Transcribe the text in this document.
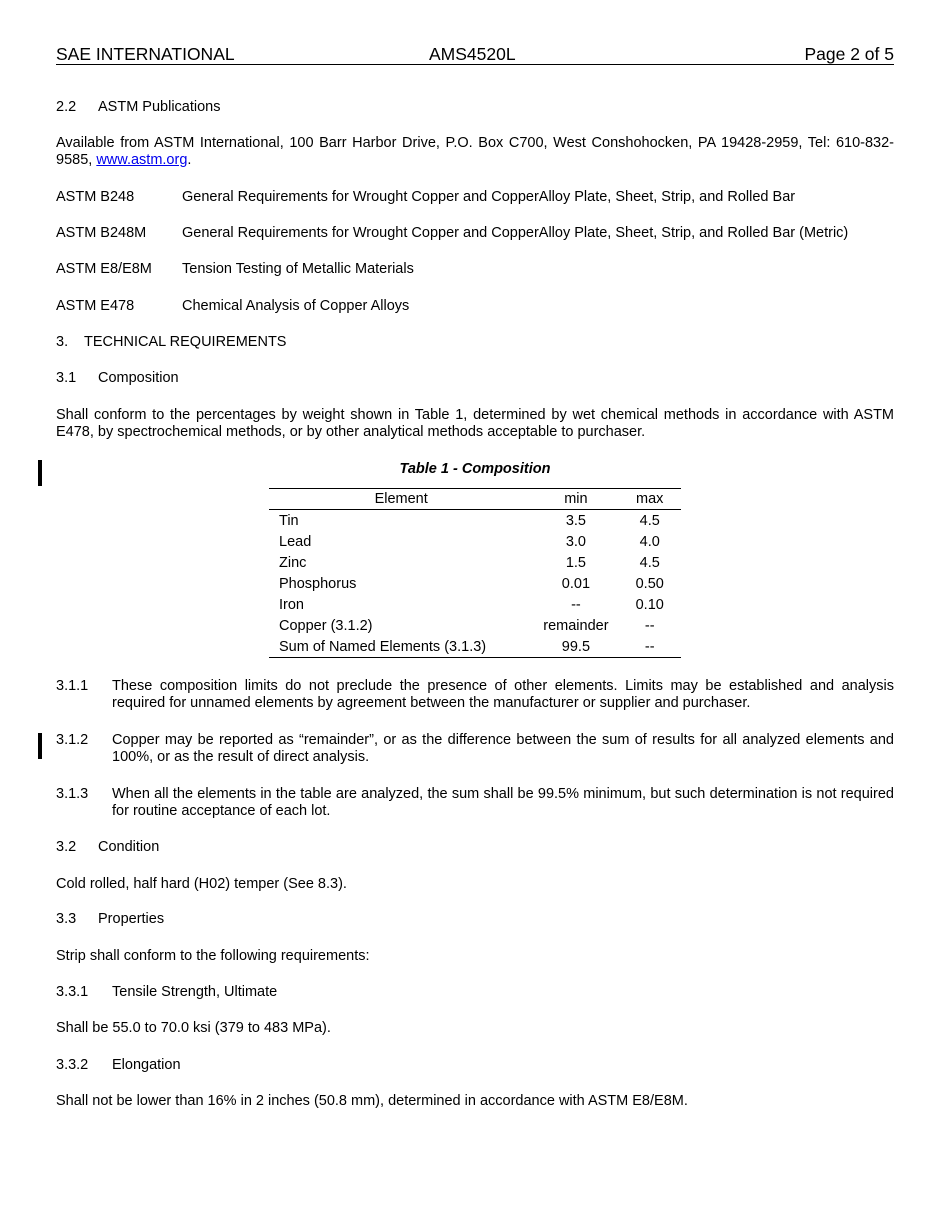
SAE INTERNATIONAL	AMS4520L	Page 2 of 5
2.2 ASTM Publications
Available from ASTM International, 100 Barr Harbor Drive, P.O. Box C700, West Conshohocken, PA 19428-2959, Tel: 610-832-9585, www.astm.org.
ASTM B248	General Requirements for Wrought Copper and CopperAlloy Plate, Sheet, Strip, and Rolled Bar
ASTM B248M General Requirements for Wrought Copper and CopperAlloy Plate, Sheet, Strip, and Rolled Bar (Metric)
ASTM E8/E8M Tension Testing of Metallic Materials
ASTM E478	Chemical Analysis of Copper Alloys
3. TECHNICAL REQUIREMENTS
3.1 Composition
Shall conform to the percentages by weight shown in Table 1, determined by wet chemical methods in accordance with ASTM E478, by spectrochemical methods, or by other analytical methods acceptable to purchaser.
Table 1 - Composition
Element	min	max
Tin	3.5	4.5
Lead	3.0	4.0
Zinc	1.5	4.5
Phosphorus	0.01	0.50
Iron	--	0.10
Copper (3.1.2)	remainder	--
Sum of Named Elements (3.1.3)	99.5	--
3.1.1 These composition limits do not preclude the presence of other elements. Limits may be established and analysis required for unnamed elements by agreement between the manufacturer or supplier and purchaser.
3.1.2 Copper may be reported as “remainder”, or as the difference between the sum of results for all analyzed elements and 100%, or as the result of direct analysis.
3.1.3 When all the elements in the table are analyzed, the sum shall be 99.5% minimum, but such determination is not required for routine acceptance of each lot.
3.2 Condition
Cold rolled, half hard (H02) temper (See 8.3).
3.3 Properties
Strip shall conform to the following requirements:
3.3.1 Tensile Strength, Ultimate
Shall be 55.0 to 70.0 ksi (379 to 483 MPa).
3.3.2 Elongation
Shall not be lower than 16% in 2 inches (50.8 mm), determined in accordance with ASTM E8/E8M.
